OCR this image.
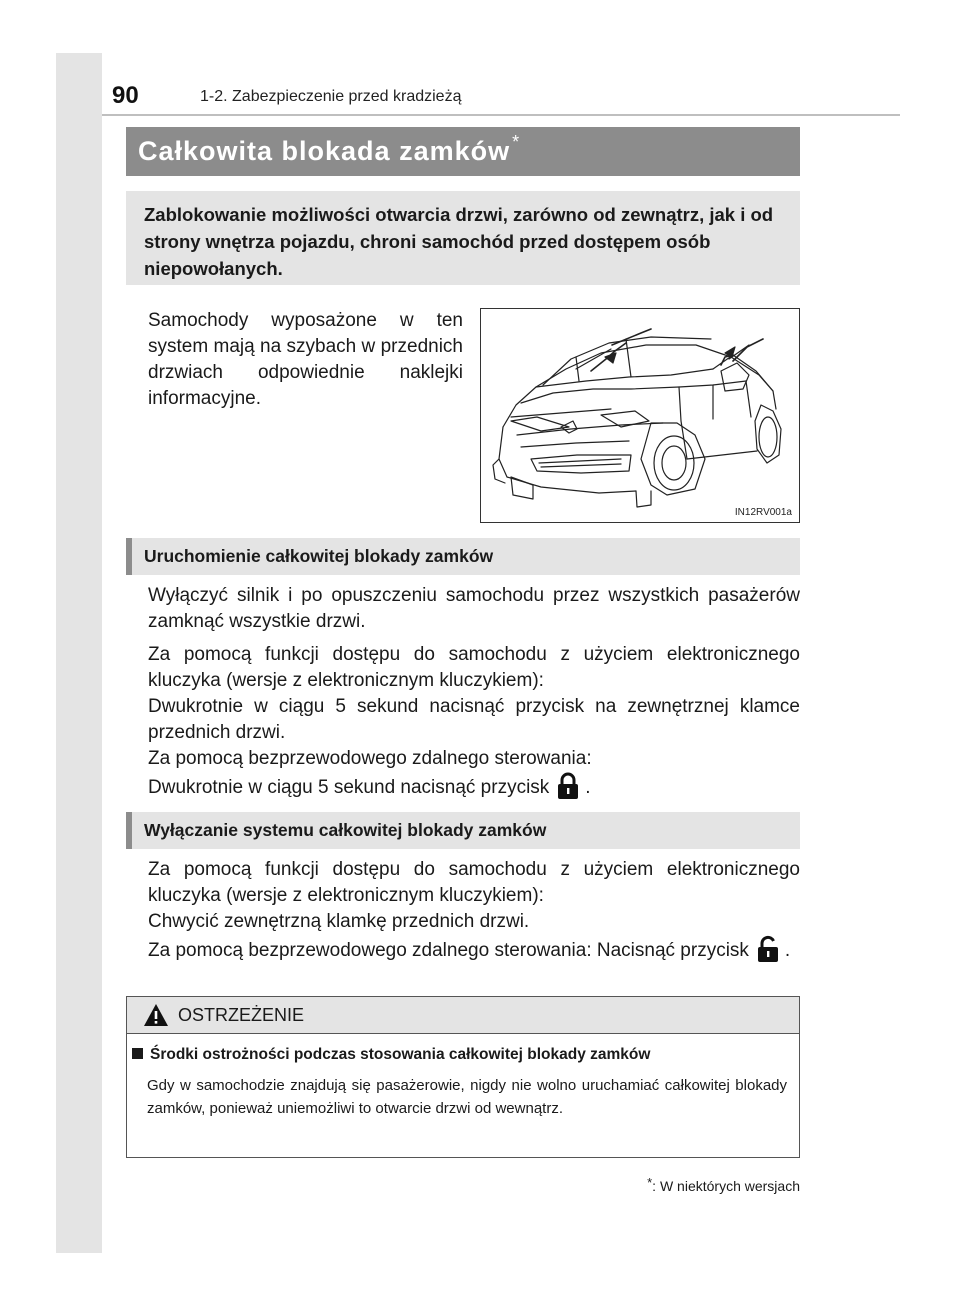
90	1-2. Zabezpieczenie przed kradzieżą
Całkowita blokada zamków *
Zablokowanie możliwości otwarcia drzwi, zarówno od zewnątrz, jak i od strony wnętrza pojazdu, chroni samochód przed dostępem osób niepowołanych.
Samochody wyposażone w ten system mają na szybach w przednich drzwiach odpowiednie naklejki informacyjne.
IN12RV001a
Uruchomienie całkowitej blokady zamków
Wyłączyć silnik i po opuszczeniu samochodu przez wszystkich pasażerów zamknąć wszystkie drzwi.
Za pomocą funkcji dostępu do samochodu z użyciem elektronicznego kluczyka (wersje z elektronicznym kluczykiem):
Dwukrotnie w ciągu 5 sekund nacisnąć przycisk na zewnętrznej klamce przednich drzwi.
Za pomocą bezprzewodowego zdalnego sterowania:
Dwukrotnie w ciągu 5 sekund nacisnąć przycisk .
Wyłączanie systemu całkowitej blokady zamków
Za pomocą funkcji dostępu do samochodu z użyciem elektronicznego kluczyka (wersje z elektronicznym kluczykiem):
Chwycić zewnętrzną klamkę przednich drzwi.
Za pomocą bezprzewodowego zdalnego sterowania: Nacisnąć przycisk .
OSTRZEŻENIE
Środki ostrożności podczas stosowania całkowitej blokady zamków
Gdy w samochodzie znajdują się pasażerowie, nigdy nie wolno uruchamiać całkowitej blokady zamków, ponieważ uniemożliwi to otwarcie drzwi od wewnątrz.
*: W niektórych wersjach
